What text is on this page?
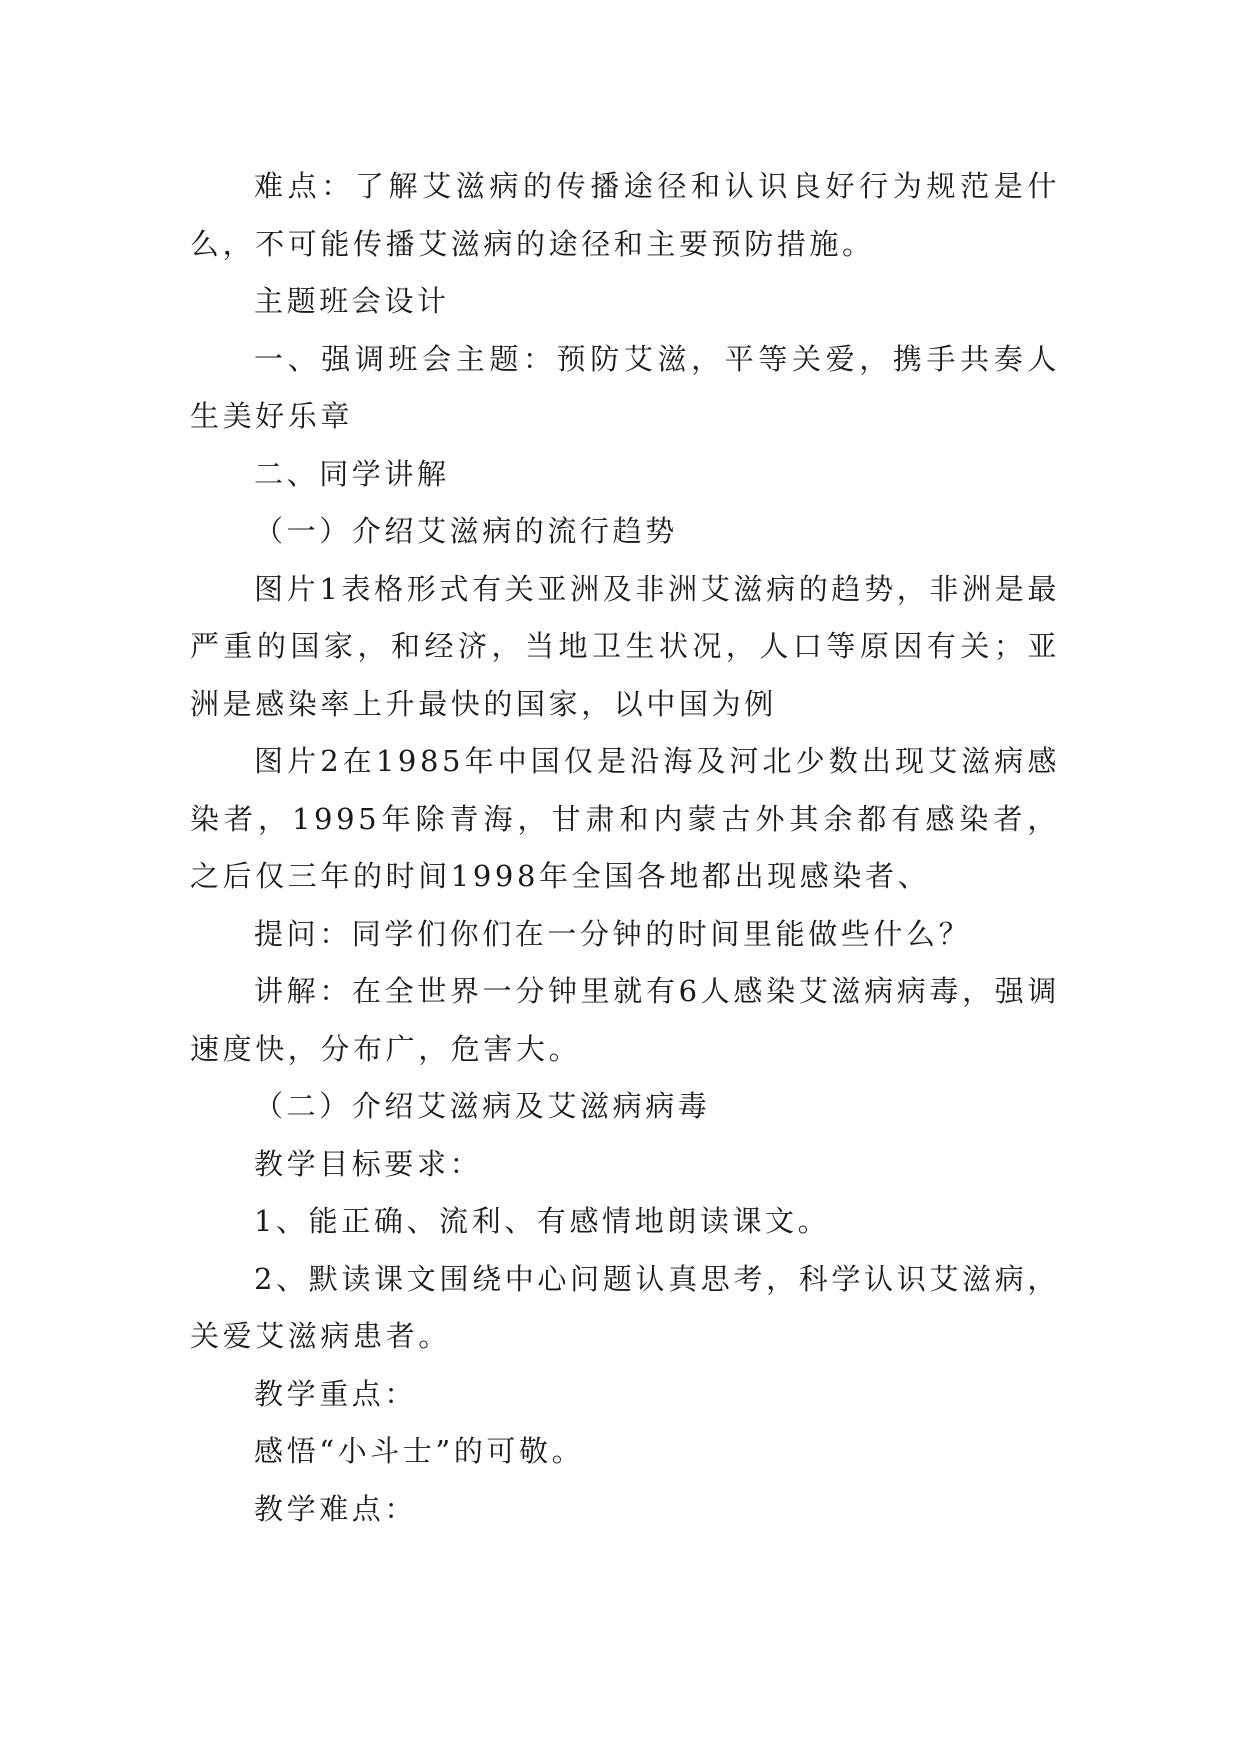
难点：了解艾滋病的传播途径和认识良好行为规范是什么，不可能传播艾滋病的途径和主要预防措施。

主题班会设计

一、强调班会主题：预防艾滋，平等关爱，携手共奏人生美好乐章

二、同学讲解

（一）介绍艾滋病的流行趋势

图片1表格形式有关亚洲及非洲艾滋病的趋势，非洲是最严重的国家，和经济，当地卫生状况，人口等原因有关；亚洲是感染率上升最快的国家，以中国为例

图片2在1985年中国仅是沿海及河北少数出现艾滋病感染者，1995年除青海，甘肃和内蒙古外其余都有感染者，之后仅三年的时间1998年全国各地都出现感染者、

提问：同学们你们在一分钟的时间里能做些什么？

讲解：在全世界一分钟里就有6人感染艾滋病病毒，强调速度快，分布广，危害大。

（二）介绍艾滋病及艾滋病病毒

教学目标要求：

1、能正确、流利、有感情地朗读课文。

2、默读课文围绕中心问题认真思考，科学认识艾滋病，关爱艾滋病患者。

教学重点：

感悟“小斗士”的可敬。

教学难点：
